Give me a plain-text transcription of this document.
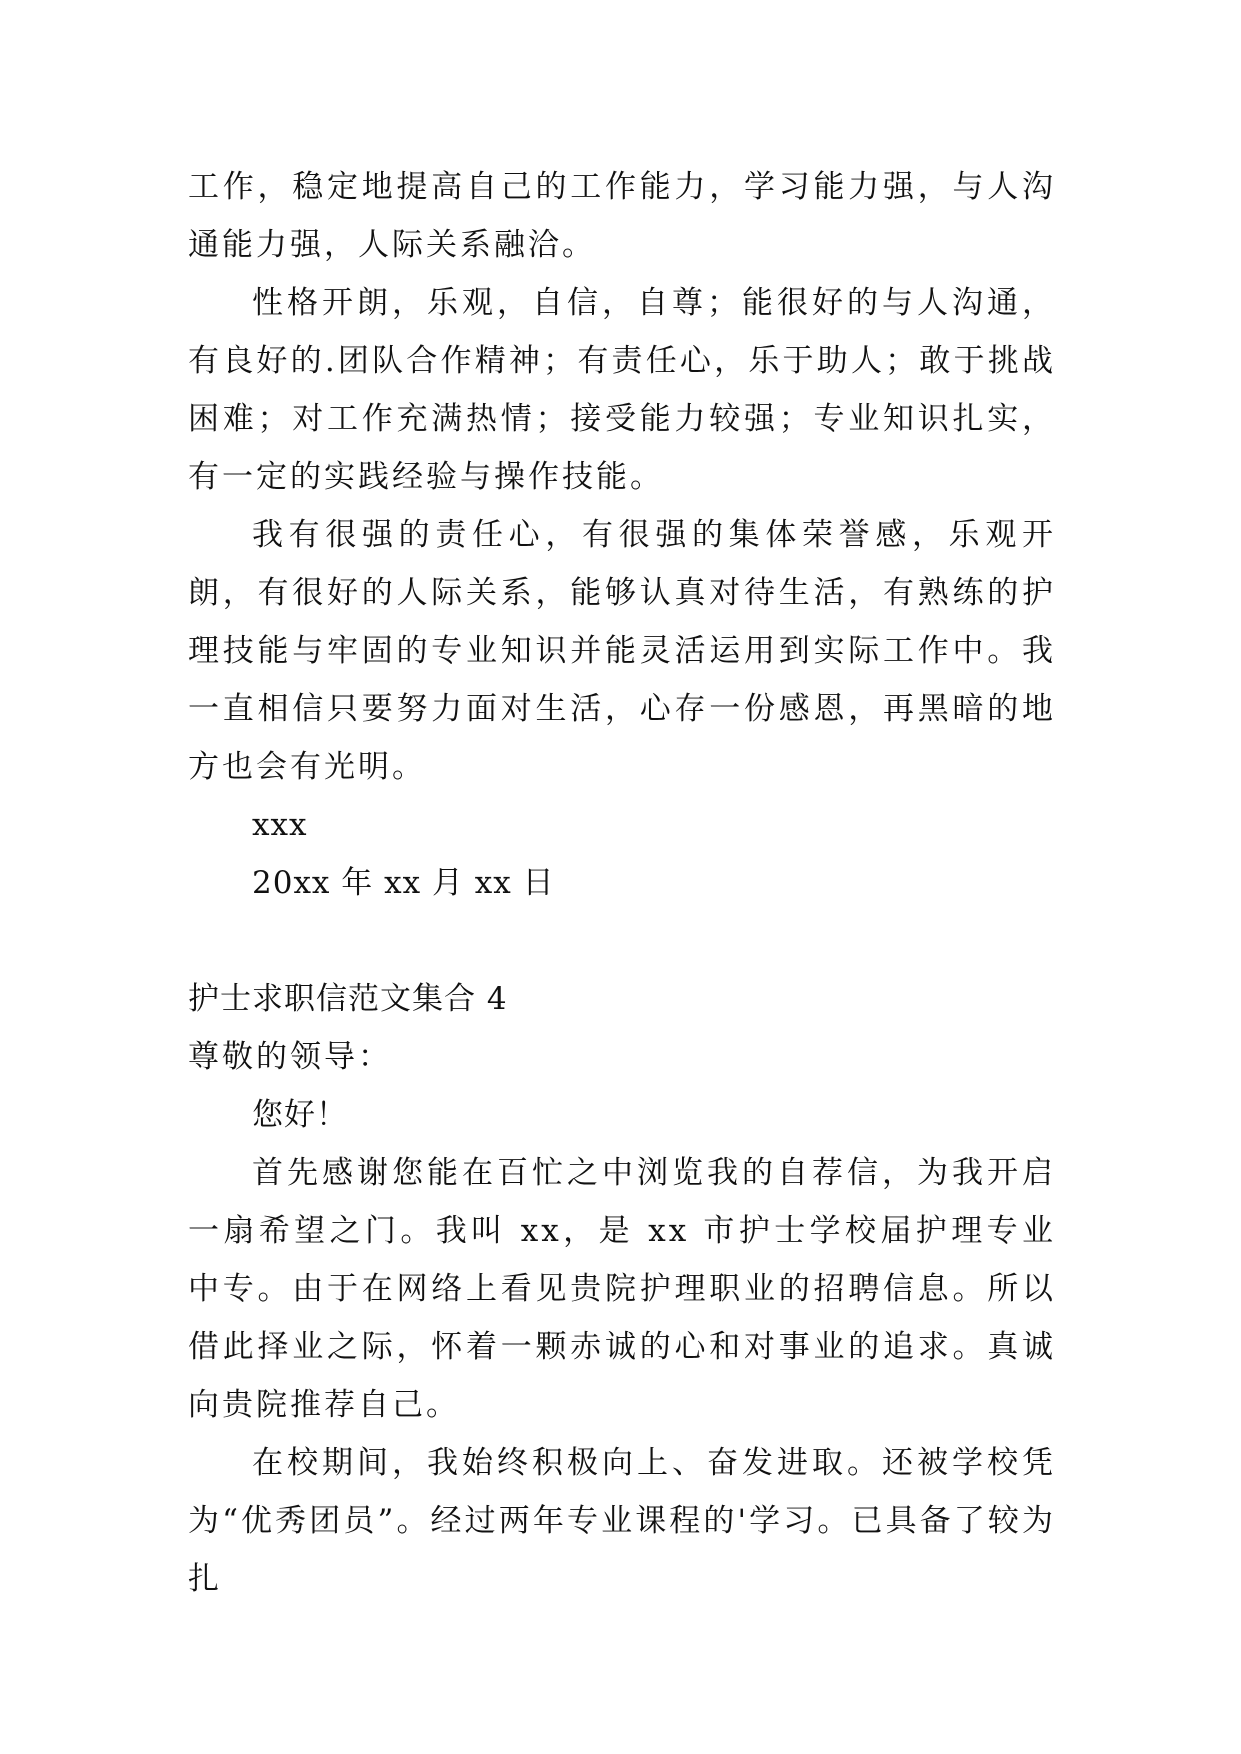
工作，稳定地提高自己的工作能力，学习能力强，与人沟通能力强，人际关系融洽。

性格开朗，乐观，自信，自尊；能很好的与人沟通，有良好的.团队合作精神；有责任心，乐于助人；敢于挑战困难；对工作充满热情；接受能力较强；专业知识扎实，有一定的实践经验与操作技能。

我有很强的责任心，有很强的集体荣誉感，乐观开朗，有很好的人际关系，能够认真对待生活，有熟练的护理技能与牢固的专业知识并能灵活运用到实际工作中。我一直相信只要努力面对生活，心存一份感恩，再黑暗的地方也会有光明。

xxx

20xx 年 xx 月 xx 日

护士求职信范文集合 4

尊敬的领导：

您好！

首先感谢您能在百忙之中浏览我的自荐信，为我开启一扇希望之门。我叫 xx，是 xx 市护士学校届护理专业中专。由于在网络上看见贵院护理职业的招聘信息。所以借此择业之际，怀着一颗赤诚的心和对事业的追求。真诚向贵院推荐自己。

在校期间，我始终积极向上、奋发进取。还被学校凭为“优秀团员”。经过两年专业课程的'学习。已具备了较为扎
